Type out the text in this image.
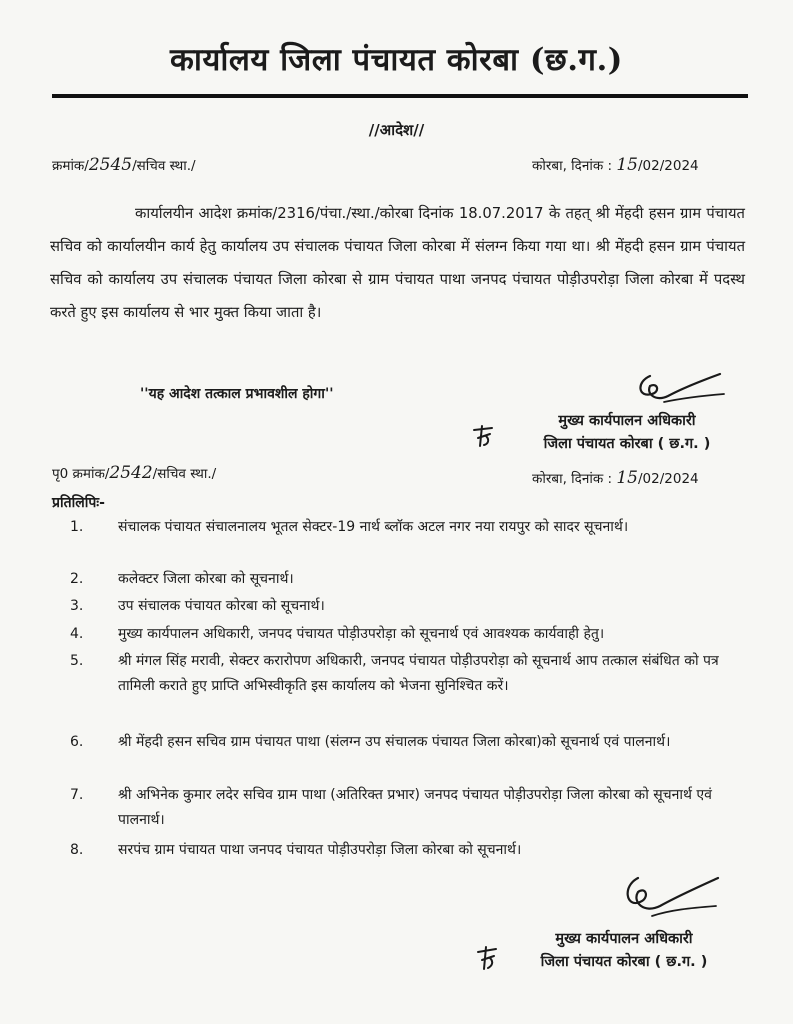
कार्यालय जिला पंचायत कोरबा (छ.ग.)
//आदेश//
क्रमांक/2545/सचिव स्था./	कोरबा, दिनांक : 15/02/2024
कार्यालयीन आदेश क्रमांक/2316/पंचा./स्था./कोरबा दिनांक 18.07.2017 के तहत् श्री मेंहदी हसन ग्राम पंचायत सचिव को कार्यालयीन कार्य हेतु कार्यालय उप संचालक पंचायत जिला कोरबा में संलग्न किया गया था। श्री मेंहदी हसन ग्राम पंचायत सचिव को कार्यालय उप संचालक पंचायत जिला कोरबा से ग्राम पंचायत पाथा जनपद पंचायत पोड़ीउपरोड़ा जिला कोरबा में पदस्थ करते हुए इस कार्यालय से भार मुक्त किया जाता है।
''यह आदेश तत्काल प्रभावशील होगा''
मुख्य कार्यपालन अधिकारी
जिला पंचायत कोरबा ( छ.ग. )
पृ0 क्रमांक/2542/सचिव स्था./	कोरबा, दिनांक : 15/02/2024
प्रतिलिपिः-
1.	संचालक पंचायत संचालनालय भूतल सेक्टर-19 नार्थ ब्लॉक अटल नगर नया रायपुर को सादर सूचनार्थ।
2.	कलेक्टर जिला कोरबा को सूचनार्थ।
3.	उप संचालक पंचायत कोरबा को सूचनार्थ।
4.	मुख्य कार्यपालन अधिकारी, जनपद पंचायत पोड़ीउपरोड़ा को सूचनार्थ एवं आवश्यक कार्यवाही हेतु।
5.	श्री मंगल सिंह मरावी, सेक्टर करारोपण अधिकारी, जनपद पंचायत पोड़ीउपरोड़ा को सूचनार्थ आप तत्काल संबंधित को पत्र तामिली कराते हुए प्राप्ति अभिस्वीकृति इस कार्यालय को भेजना सुनिश्चित करें।
6.	श्री मेंहदी हसन सचिव ग्राम पंचायत पाथा (संलग्न उप संचालक पंचायत जिला कोरबा)को सूचनार्थ एवं पालनार्थ।
7.	श्री अभिनेक कुमार लदेर सचिव ग्राम पाथा (अतिरिक्त प्रभार) जनपद पंचायत पोड़ीउपरोड़ा जिला कोरबा को सूचनार्थ एवं पालनार्थ।
8.	सरपंच ग्राम पंचायत पाथा जनपद पंचायत पोड़ीउपरोड़ा जिला कोरबा को सूचनार्थ।
मुख्य कार्यपालन अधिकारी
जिला पंचायत कोरबा ( छ.ग. )
